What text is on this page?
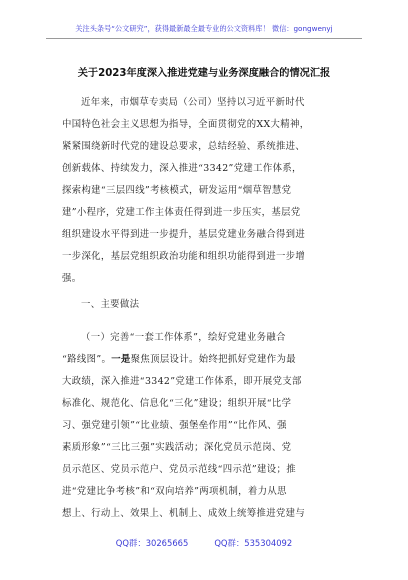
关注头条号“公文研究”，获得最新最全最专业的公文资料库！ 微信：gongwenyj
关于2023年度深入推进党建与业务深度融合的情况汇报
近年来，市烟草专卖局（公司）坚持以习近平新时代
中国特色社会主义思想为指导，全面贯彻党的XX大精神，
紧紧围绕新时代党的建设总要求，总结经验、系统推进、
创新载体、持续发力，深入推进“3342”党建工作体系，
探索构建“三层四线”考核模式，研发运用“烟草智慧党
建”小程序，党建工作主体责任得到进一步压实，基层党
组织建设水平得到进一步提升，基层党建业务融合得到进
一步深化，基层党组织政治功能和组织功能得到进一步增
强。
一、主要做法
（一）完善“一套工作体系”，绘好党建业务融合
“路线图”。一是聚焦顶层设计。始终把抓好党建作为最
大政绩，深入推进“3342”党建工作体系，即开展党支部
标准化、规范化、信息化“三化”建设；组织开展“比学
习、强党建引领”“比业绩、强堡垒作用”“比作风、强
素质形象”“三比三强”实践活动；深化党员示范岗、党
员示范区、党员示范户、党员示范线“四示范”建设；推
进“党建比争考核”和“双向培养”两项机制，着力从思
想上、行动上、效果上、机制上、成效上统筹推进党建与
QQ群：30265665	QQ群：535304092
